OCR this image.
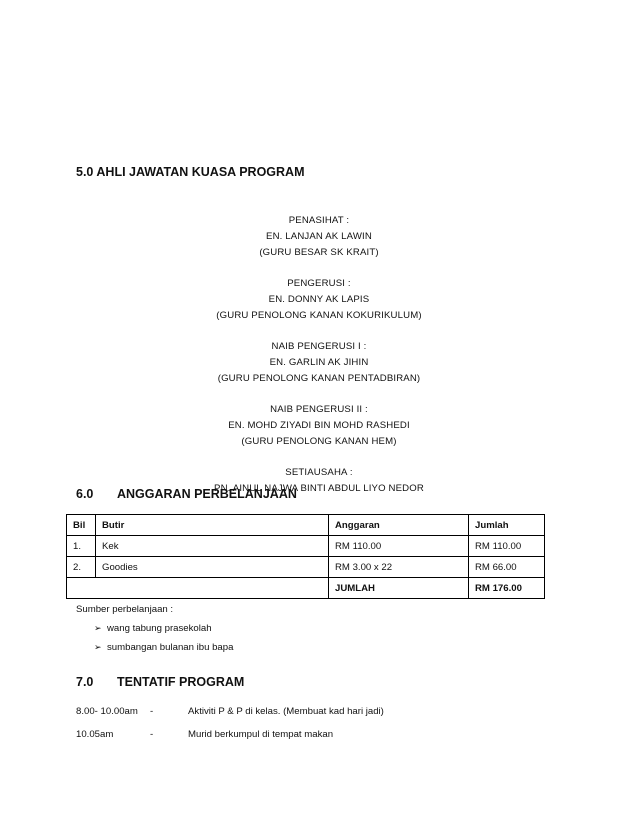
5.0 AHLI JAWATAN KUASA PROGRAM
PENASIHAT :
EN. LANJAN AK LAWIN
(GURU BESAR SK KRAIT)
PENGERUSI :
EN. DONNY AK LAPIS
(GURU PENOLONG KANAN KOKURIKULUM)
NAIB PENGERUSI I :
EN. GARLIN AK JIHIN
(GURU PENOLONG KANAN PENTADBIRAN)
NAIB PENGERUSI II :
EN. MOHD ZIYADI BIN MOHD RASHEDI
(GURU PENOLONG KANAN HEM)
SETIAUSAHA :
PN. AINUL NAJWA BINTI ABDUL LIYO NEDOR
6.0 ANGGARAN PERBELANJAAN
Bil	Butir	Anggaran	Jumlah
1.	Kek	RM 110.00	RM 110.00
2.	Goodies	RM 3.00 x 22	RM 66.00
		JUMLAH	RM 176.00
Sumber perbelanjaan :
➢ wang tabung prasekolah
➢ sumbangan bulanan ibu bapa
7.0 TENTATIF PROGRAM
8.00- 10.00am -	Aktiviti P & P di kelas. (Membuat kad hari jadi)
10.05am	-	Murid berkumpul di tempat makan
